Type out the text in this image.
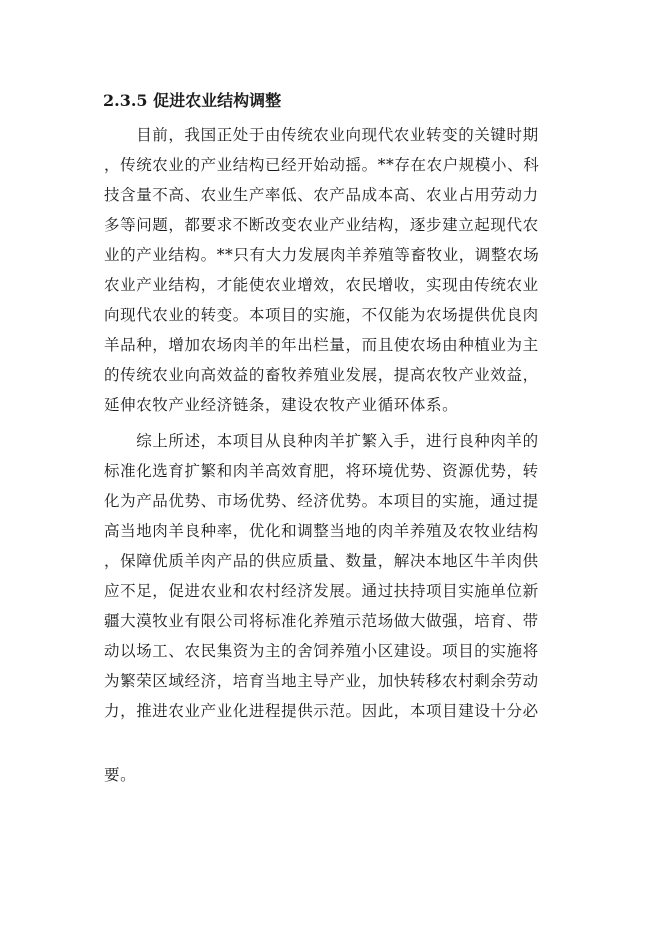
2.3.5 促进农业结构调整
　　目前，我国正处于由传统农业向现代农业转变的关键时期
，传统农业的产业结构已经开始动摇。**存在农户规模小、科
技含量不高、农业生产率低、农产品成本高、农业占用劳动力
多等问题，都要求不断改变农业产业结构，逐步建立起现代农
业的产业结构。**只有大力发展肉羊养殖等畜牧业，调整农场
农业产业结构，才能使农业增效，农民增收，实现由传统农业
向现代农业的转变。本项目的实施，不仅能为农场提供优良肉
羊品种，增加农场肉羊的年出栏量，而且使农场由种植业为主
的传统农业向高效益的畜牧养殖业发展，提高农牧产业效益，
延伸农牧产业经济链条，建设农牧产业循环体系。
　　综上所述，本项目从良种肉羊扩繁入手，进行良种肉羊的
标准化选育扩繁和肉羊高效育肥，将环境优势、资源优势，转
化为产品优势、市场优势、经济优势。本项目的实施，通过提
高当地肉羊良种率，优化和调整当地的肉羊养殖及农牧业结构
，保障优质羊肉产品的供应质量、数量，解决本地区牛羊肉供
应不足，促进农业和农村经济发展。通过扶持项目实施单位新
疆大漠牧业有限公司将标准化养殖示范场做大做强，培育、带
动以场工、农民集资为主的舍饲养殖小区建设。项目的实施将
为繁荣区域经济，培育当地主导产业，加快转移农村剩余劳动
力，推进农业产业化进程提供示范。因此，本项目建设十分必
要。
